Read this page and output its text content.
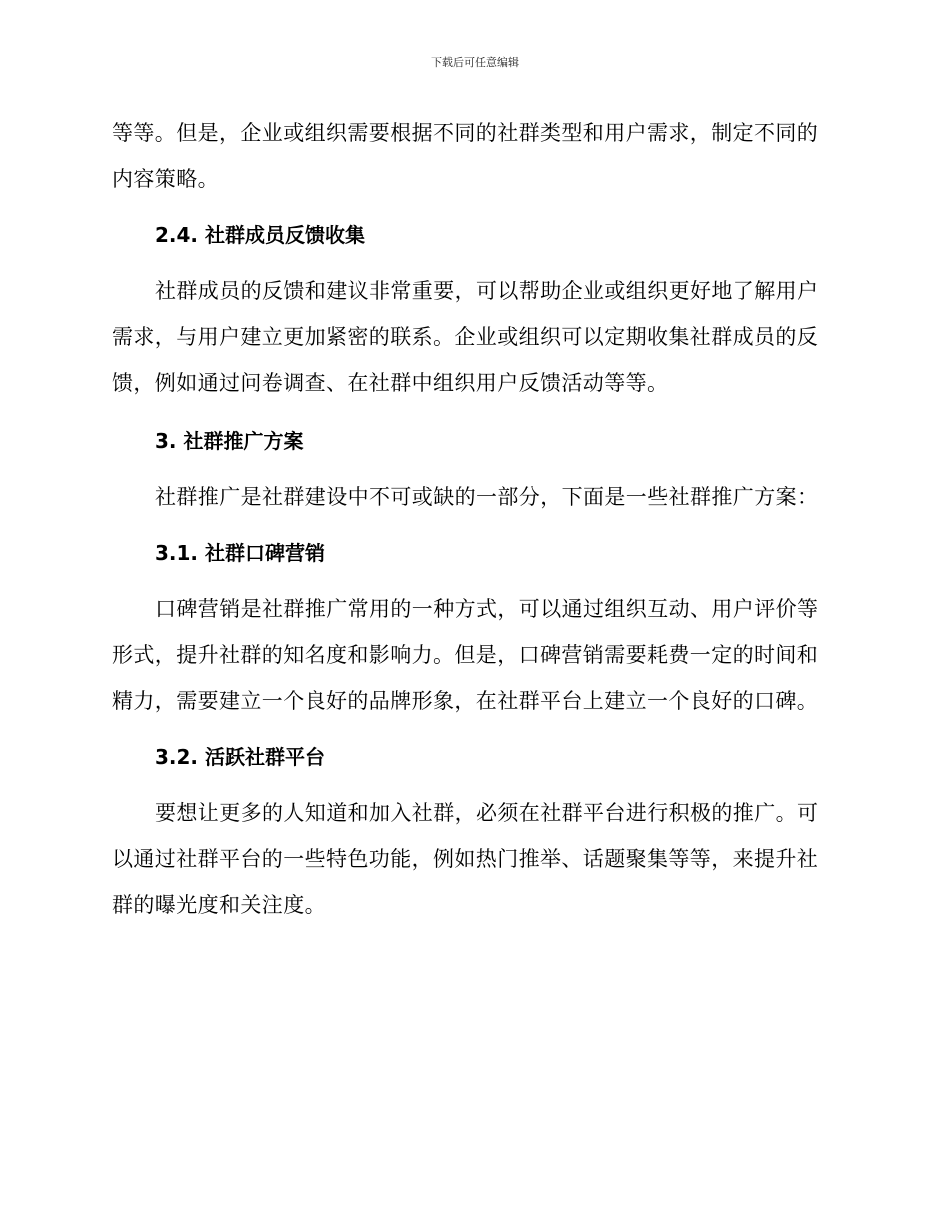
下载后可任意编辑

等等。但是，企业或组织需要根据不同的社群类型和用户需求，制定不同的内容策略。

2.4. 社群成员反馈收集

社群成员的反馈和建议非常重要，可以帮助企业或组织更好地了解用户需求，与用户建立更加紧密的联系。企业或组织可以定期收集社群成员的反馈，例如通过问卷调查、在社群中组织用户反馈活动等等。

3. 社群推广方案

社群推广是社群建设中不可或缺的一部分，下面是一些社群推广方案：

3.1. 社群口碑营销

口碑营销是社群推广常用的一种方式，可以通过组织互动、用户评价等形式，提升社群的知名度和影响力。但是，口碑营销需要耗费一定的时间和精力，需要建立一个良好的品牌形象，在社群平台上建立一个良好的口碑。

3.2. 活跃社群平台

要想让更多的人知道和加入社群，必须在社群平台进行积极的推广。可以通过社群平台的一些特色功能，例如热门推举、话题聚集等等，来提升社群的曝光度和关注度。
